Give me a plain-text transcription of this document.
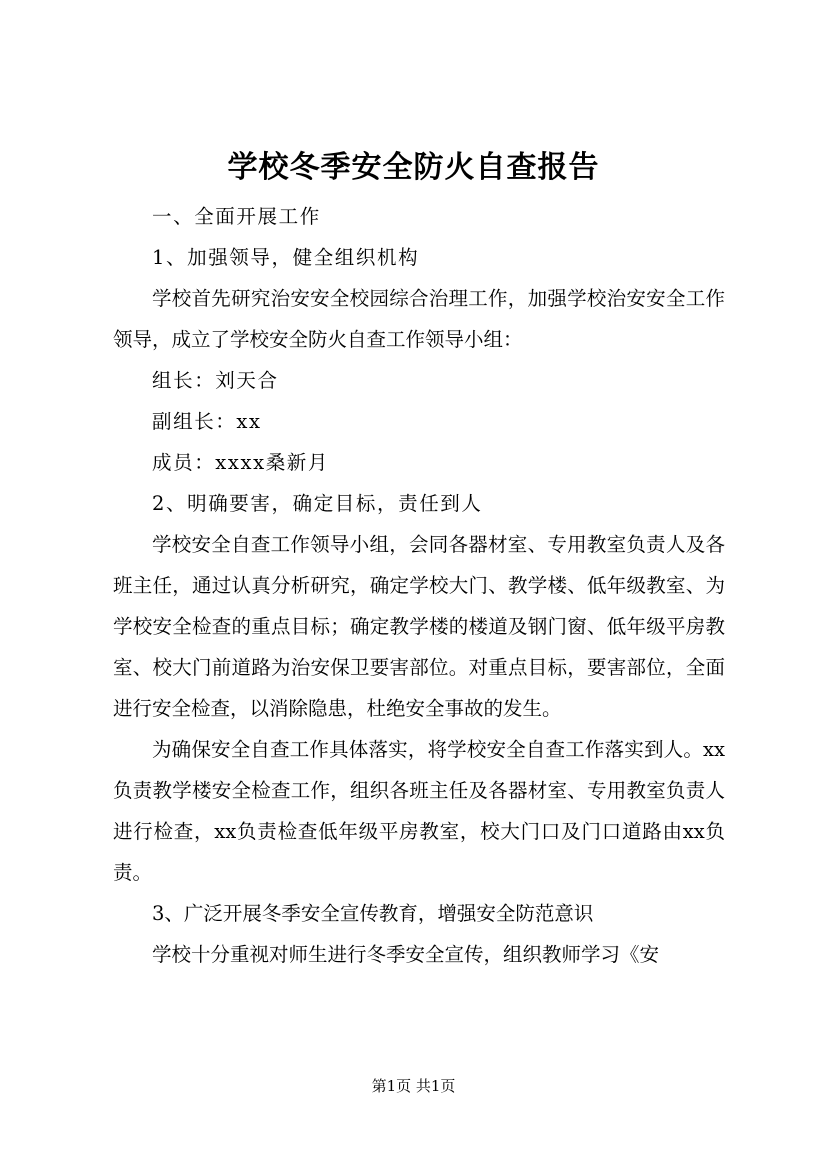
学校冬季安全防火自查报告

一、全面开展工作

1、加强领导，健全组织机构

学校首先研究治安安全校园综合治理工作，加强学校治安安全工作领导，成立了学校安全防火自查工作领导小组：

组长：刘天合

副组长：xx

成员：xxxx桑新月

2、明确要害，确定目标，责任到人

学校安全自查工作领导小组，会同各器材室、专用教室负责人及各班主任，通过认真分析研究，确定学校大门、教学楼、低年级教室、为学校安全检查的重点目标；确定教学楼的楼道及钢门窗、低年级平房教室、校大门前道路为治安保卫要害部位。对重点目标，要害部位，全面进行安全检查，以消除隐患，杜绝安全事故的发生。

为确保安全自查工作具体落实，将学校安全自查工作落实到人。xx负责教学楼安全检查工作，组织各班主任及各器材室、专用教室负责人进行检查，xx负责检查低年级平房教室，校大门口及门口道路由xx负责。

3、广泛开展冬季安全宣传教育，增强安全防范意识

学校十分重视对师生进行冬季安全宣传，组织教师学习《安

第1页 共1页
